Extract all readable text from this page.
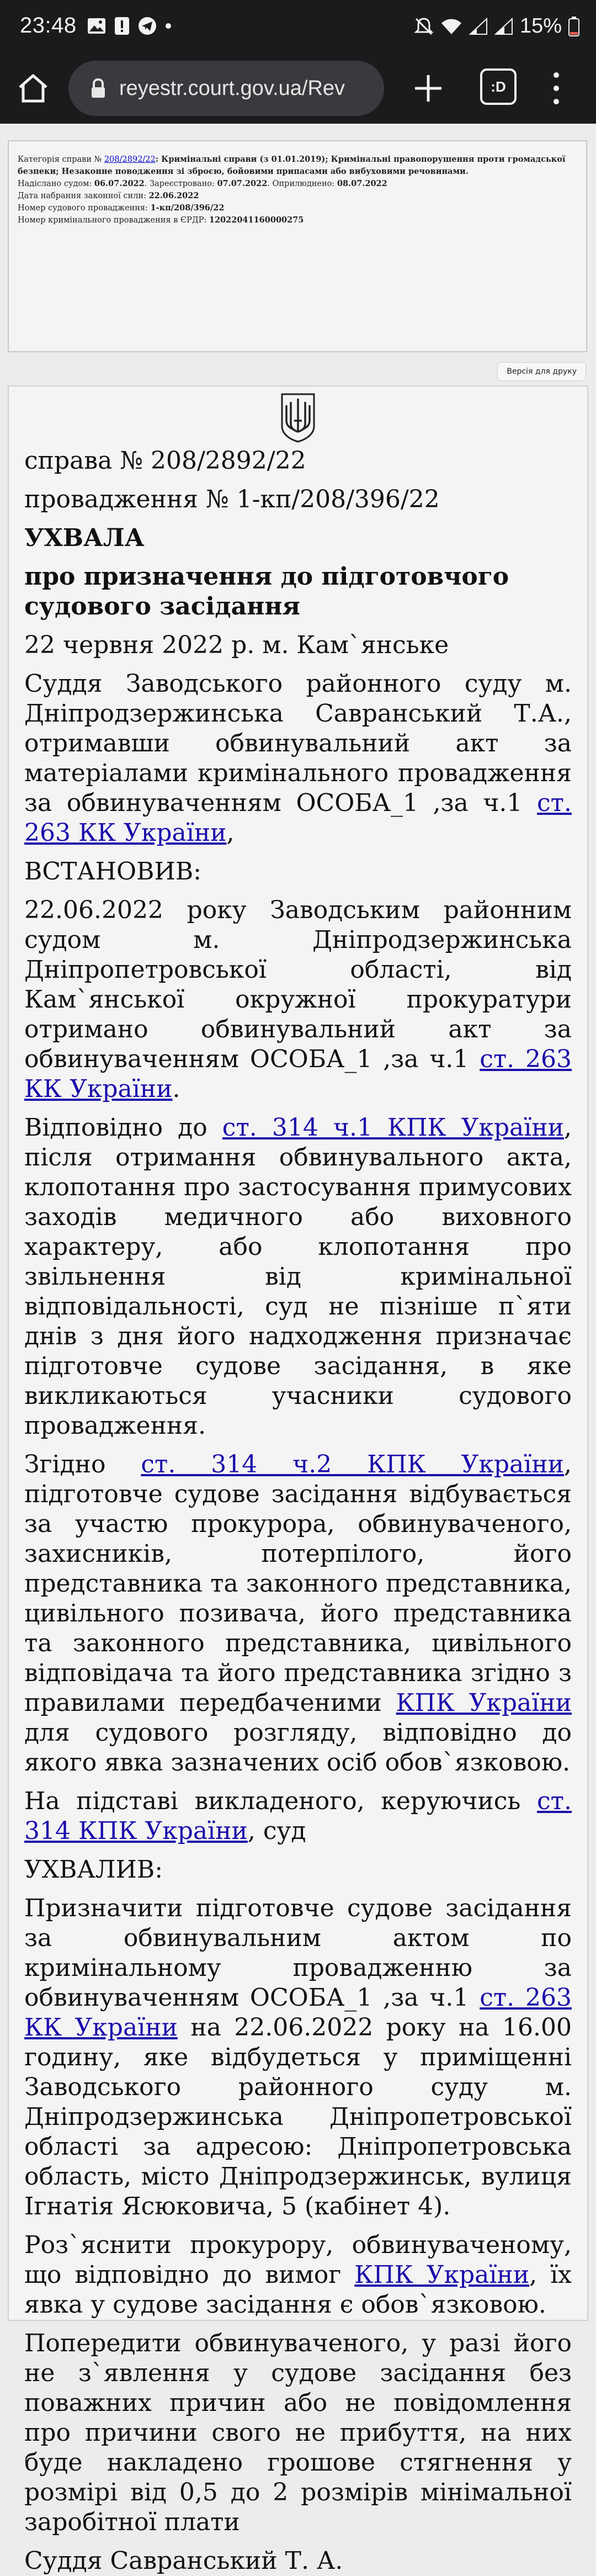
23:48	15%
reyestr.court.gov.ua/Rev	:D
Категорія справи № 208/2892/22: Кримінальні справи (з 01.01.2019); Кримінальні правопорушення проти громадської безпеки; Незаконне поводження зі зброєю, бойовими припасами або вибуховими речовинами.
Надіслано судом: 06.07.2022. Зареєстровано: 07.07.2022. Оприлюднено: 08.07.2022
Дата набрання законної сили: 22.06.2022
Номер судового провадження: 1-кп/208/396/22
Номер кримінального провадження в ЄРДР: 12022041160000275
Версія для друку

справа № 208/2892/22

провадження № 1-кп/208/396/22

УХВАЛА

про призначення до підготовчого судового засідання

22 червня 2022 р. м. Кам`янське

Суддя Заводського районного суду м. Дніпродзержинська Савранський Т.А., отримавши обвинувальний акт за матеріалами кримінального провадження за обвинуваченням ОСОБА_1 ,за ч.1 ст. 263 КК України,

ВСТАНОВИВ:

22.06.2022 року Заводським районним судом м. Дніпродзержинська Дніпропетровської області, від Кам`янської окружної прокуратури отримано обвинувальний акт за обвинуваченням ОСОБА_1 ,за ч.1 ст. 263 КК України.

Відповідно до ст. 314 ч.1 КПК України, після отримання обвинувального акта, клопотання про застосування примусових заходів медичного або виховного характеру, або клопотання про звільнення від кримінальної відповідальності, суд не пізніше п`яти днів з дня його надходження призначає підготовче судове засідання, в яке викликаються учасники судового провадження.

Згідно ст. 314 ч.2 КПК України, підготовче судове засідання відбувається за участю прокурора, обвинуваченого, захисників, потерпілого, його представника та законного представника, цивільного позивача, його представника та законного представника, цивільного відповідача та його представника згідно з правилами передбаченими КПК України для судового розгляду, відповідно до якого явка зазначених осіб обов`язковою.

На підставі викладеного, керуючись ст. 314 КПК України, суд

УХВАЛИВ:

Призначити підготовче судове засідання за обвинувальним актом по кримінальному провадженню за обвинуваченням ОСОБА_1 ,за ч.1 ст. 263 КК України на 22.06.2022 року на 16.00 годину, яке відбудеться у приміщенні Заводського районного суду м. Дніпродзержинська Дніпропетровської області за адресою: Дніпропетровська область, місто Дніпродзержинськ, вулиця Ігнатія Ясюковича, 5 (кабінет 4).

Роз`яснити прокурору, обвинуваченому, що відповідно до вимог КПК України, їх явка у судове засідання є обов`язковою.

Попередити обвинуваченого, у разі його не з`явлення у судове засідання без поважних причин або не повідомлення про причини свого не прибуття, на них буде накладено грошове стягнення у розмірі від 0,5 до 2 розмірів мінімальної заробітної плати

Суддя Савранський Т. А.
